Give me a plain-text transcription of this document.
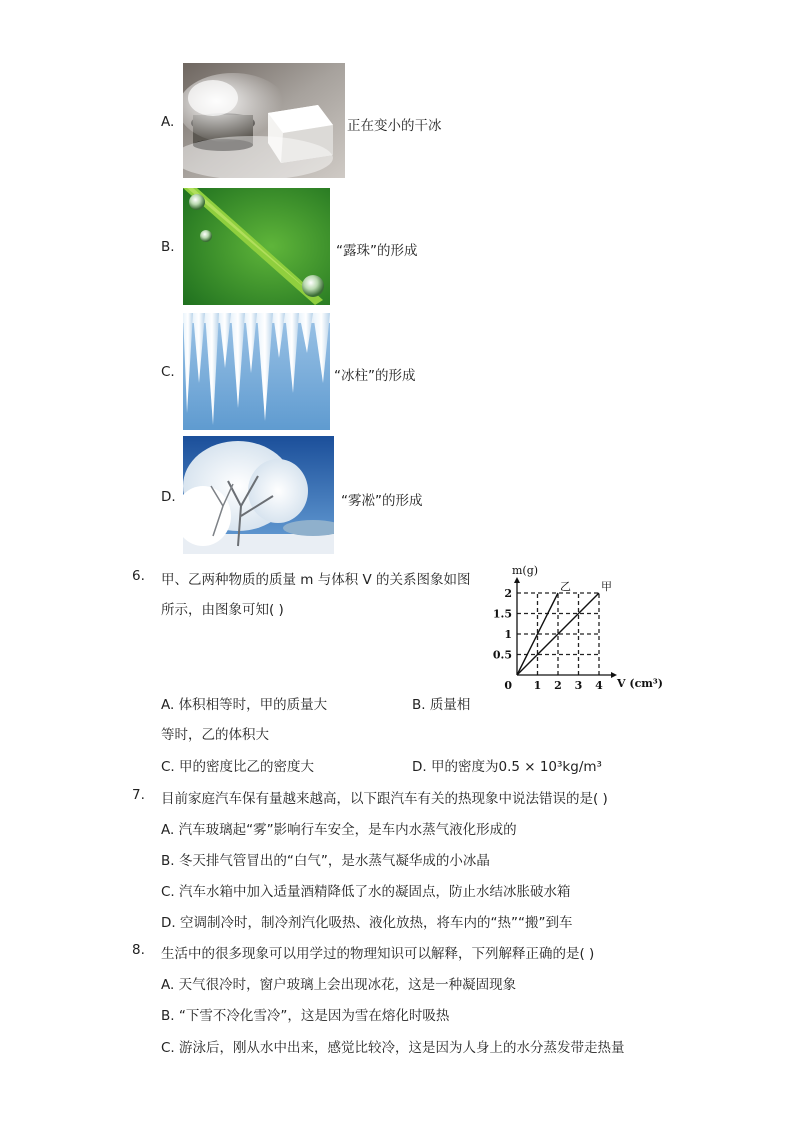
A.	正在变小的干冰
B.	“露珠”的形成
C.	“冰柱”的形成
D.	“雾凇”的形成
6. 甲、乙两种物质的质量 m 与体积 V 的关系图象如图
所示，由图象可知( )
A. 体积相等时，甲的质量大	B. 质量相
等时，乙的体积大
C. 甲的密度比乙的密度大	D. 甲的密度为0.5 × 10³kg/m³
乙	甲
1 2 3 4
0.5
1
1.5
2
0
m(g)
V (cm³)
7. 目前家庭汽车保有量越来越高，以下跟汽车有关的热现象中说法错误的是( )
A. 汽车玻璃起“雾”影响行车安全，是车内水蒸气液化形成的
B. 冬天排气管冒出的“白气”，是水蒸气凝华成的小冰晶
C. 汽车水箱中加入适量酒精降低了水的凝固点，防止水结冰胀破水箱
D. 空调制冷时，制冷剂汽化吸热、液化放热，将车内的“热”“搬”到车
8. 生活中的很多现象可以用学过的物理知识可以解释，下列解释正确的是( )
A. 天气很冷时，窗户玻璃上会出现冰花，这是一种凝固现象
B. “下雪不冷化雪冷”，这是因为雪在熔化时吸热
C. 游泳后，刚从水中出来，感觉比较冷，这是因为人身上的水分蒸发带走热量
